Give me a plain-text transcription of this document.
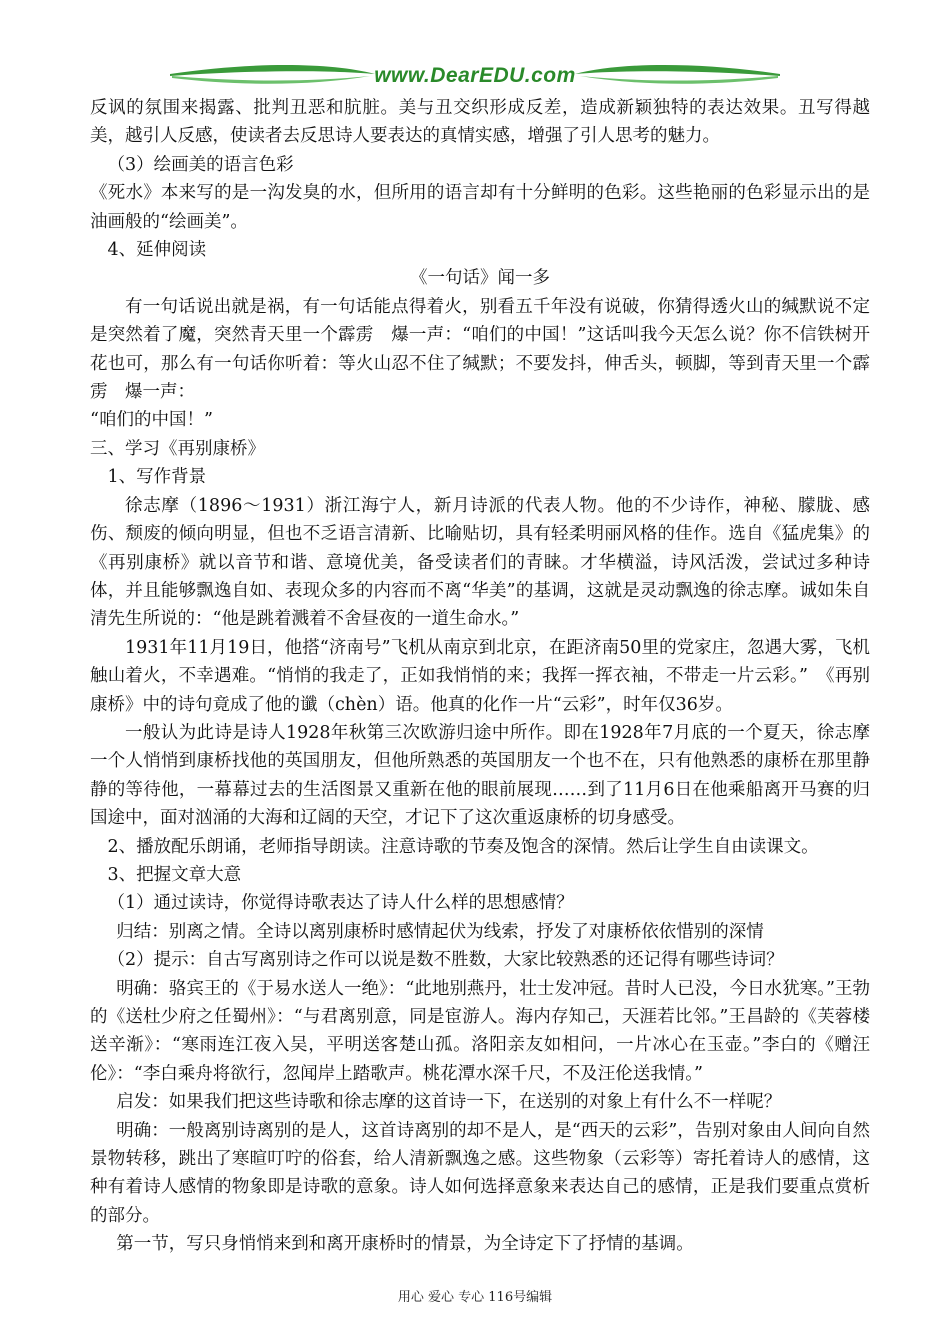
www.DearEDU.com

反讽的氛围来揭露、批判丑恶和肮脏。美与丑交织形成反差，造成新颖独特的表达效果。丑写得越美，越引人反感，使读者去反思诗人要表达的真情实感，增强了引人思考的魅力。

（3）绘画美的语言色彩

《死水》本来写的是一沟发臭的水，但所用的语言却有十分鲜明的色彩。这些艳丽的色彩显示出的是油画般的“绘画美”。

4、延伸阅读

《一句话》闻一多

有一句话说出就是祸，有一句话能点得着火，别看五千年没有说破，你猜得透火山的缄默说不定是突然着了魔，突然青天里一个霹雳　爆一声：“咱们的中国！”这话叫我今天怎么说？你不信铁树开花也可，那么有一句话你听着：等火山忍不住了缄默；不要发抖，伸舌头，顿脚，等到青天里一个霹雳　爆一声：

“咱们的中国！”

三、学习《再别康桥》

1、写作背景

徐志摩（1896～1931）浙江海宁人，新月诗派的代表人物。他的不少诗作，神秘、朦胧、感伤、颓废的倾向明显，但也不乏语言清新、比喻贴切，具有轻柔明丽风格的佳作。选自《猛虎集》的《再别康桥》就以音节和谐、意境优美，备受读者们的青睐。才华横溢，诗风活泼，尝试过多种诗体，并且能够飘逸自如、表现众多的内容而不离“华美”的基调，这就是灵动飘逸的徐志摩。诚如朱自清先生所说的：“他是跳着溅着不舍昼夜的一道生命水。”

1931年11月19日，他搭“济南号”飞机从南京到北京，在距济南50里的党家庄，忽遇大雾，飞机触山着火，不幸遇难。“悄悄的我走了，正如我悄悄的来；我挥一挥衣袖，不带走一片云彩。”　《再别康桥》中的诗句竟成了他的谶（chèn）语。他真的化作一片“云彩”，时年仅36岁。

一般认为此诗是诗人1928年秋第三次欧游归途中所作。即在1928年7月底的一个夏天，徐志摩一个人悄悄到康桥找他的英国朋友，但他所熟悉的英国朋友一个也不在，只有他熟悉的康桥在那里静静的等待他，一幕幕过去的生活图景又重新在他的眼前展现……到了11月6日在他乘船离开马赛的归国途中，面对汹涌的大海和辽阔的天空，才记下了这次重返康桥的切身感受。

2、播放配乐朗诵，老师指导朗读。注意诗歌的节奏及饱含的深情。然后让学生自由读课文。

3、把握文章大意

（1）通过读诗，你觉得诗歌表达了诗人什么样的思想感情？

归结：别离之情。全诗以离别康桥时感情起伏为线索，抒发了对康桥依依惜别的深情

（2）提示：自古写离别诗之作可以说是数不胜数，大家比较熟悉的还记得有哪些诗词？

明确：骆宾王的《于易水送人一绝》：“此地别燕丹，壮士发冲冠。昔时人已没，今日水犹寒。”王勃的《送杜少府之任蜀州》：“与君离别意，同是宦游人。海内存知己，天涯若比邻。”王昌龄的《芙蓉楼送辛渐》：“寒雨连江夜入吴，平明送客楚山孤。洛阳亲友如相问，一片冰心在玉壶。”李白的《赠汪伦》：“李白乘舟将欲行，忽闻岸上踏歌声。桃花潭水深千尺，不及汪伦送我情。”

启发：如果我们把这些诗歌和徐志摩的这首诗一下，在送别的对象上有什么不一样呢？

明确：一般离别诗离别的是人，这首诗离别的却不是人，是“西天的云彩”，告别对象由人间向自然景物转移，跳出了寒暄叮咛的俗套，给人清新飘逸之感。这些物象（云彩等）寄托着诗人的感情，这种有着诗人感情的物象即是诗歌的意象。诗人如何选择意象来表达自己的感情，正是我们要重点赏析的部分。

第一节，写只身悄悄来到和离开康桥时的情景，为全诗定下了抒情的基调。

用心 爱心 专心 116号编辑
